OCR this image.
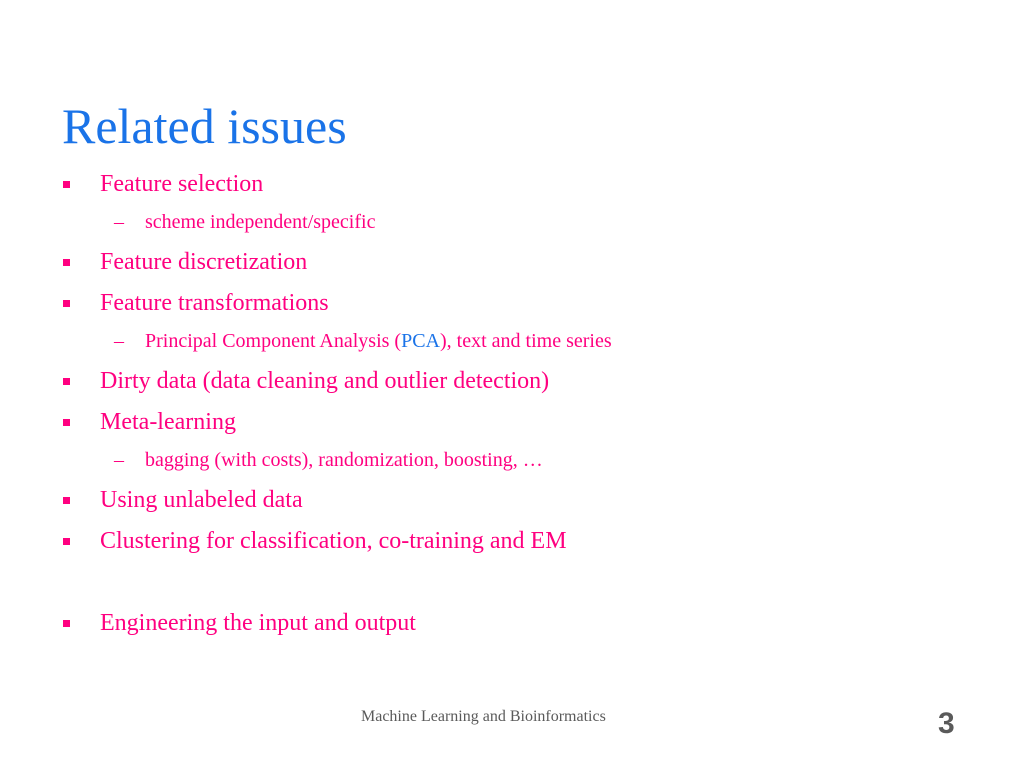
Related issues
Feature selection
– scheme independent/specific
Feature discretization
Feature transformations
– Principal Component Analysis (PCA), text and time series
Dirty data (data cleaning and outlier detection)
Meta-learning
– bagging (with costs), randomization, boosting, …
Using unlabeled data
Clustering for classification, co-training and EM
Engineering the input and output
Machine Learning and Bioinformatics	3
